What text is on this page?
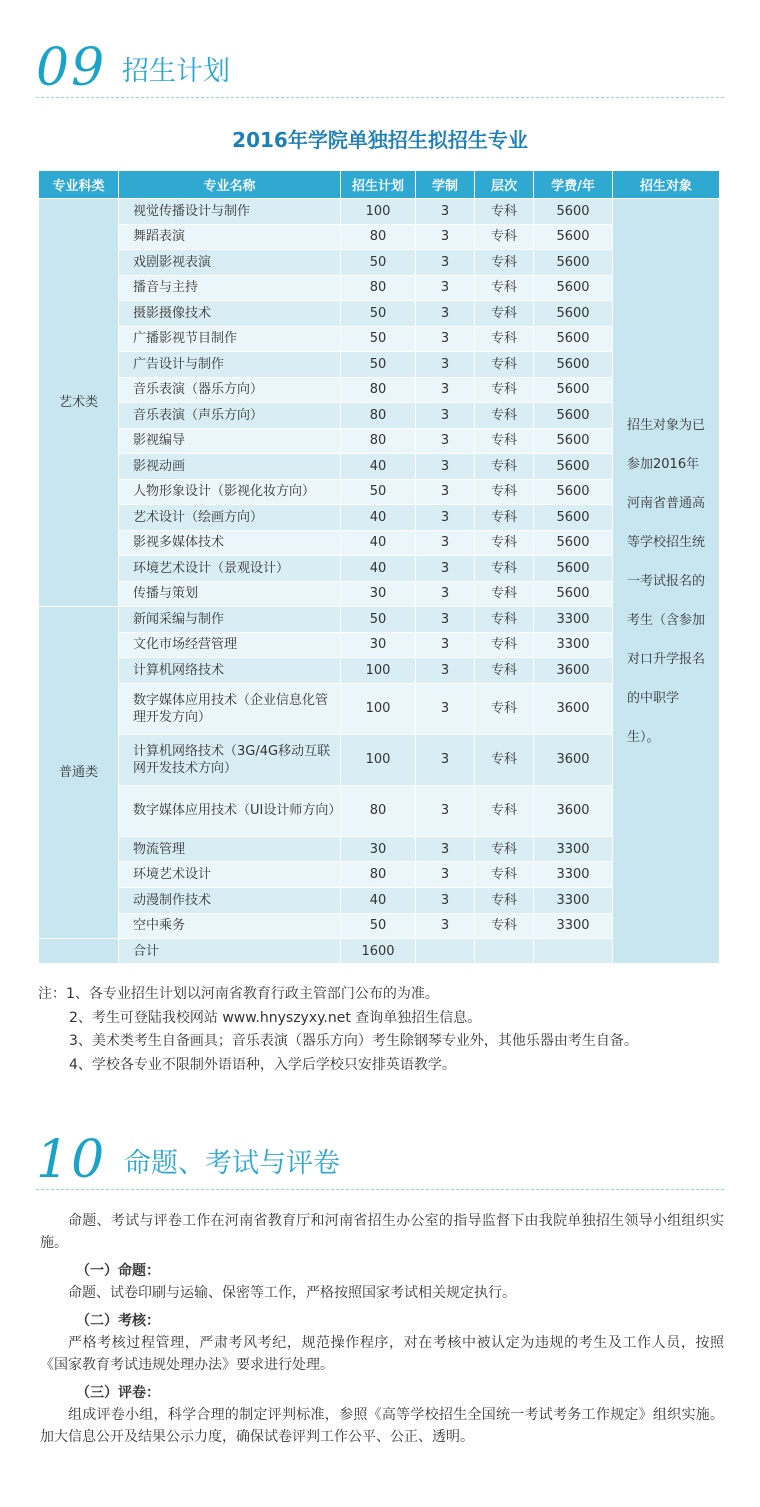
09 招生计划
2016年学院单独招生拟招生专业
专业科类	专业名称	招生计划	学制	层次	学费/年	招生对象
艺术类	视觉传播设计与制作	100	3	专科	5600	招生对象为已参加2016年河南省普通高等学校招生统一考试报名的考生（含参加对口升学报名的中职学生）。

	舞蹈表演	80	3	专科	5600	
	戏剧影视表演	50	3	专科	5600	
	播音与主持	80	3	专科	5600	
	摄影摄像技术	50	3	专科	5600	
	广播影视节目制作	50	3	专科	5600	
	广告设计与制作	50	3	专科	5600	
	音乐表演（器乐方向）	80	3	专科	5600	
	音乐表演（声乐方向）	80	3	专科	5600	
	影视编导	80	3	专科	5600	
	影视动画	40	3	专科	5600	
	人物形象设计（影视化妆方向）	50	3	专科	5600	
	艺术设计（绘画方向）	40	3	专科	5600	
	影视多媒体技术	40	3	专科	5600	
	环境艺术设计（景观设计）	40	3	专科	5600	
	传播与策划	30	3	专科	5600	
普通类	新闻采编与制作	50	3	专科	3300	
	文化市场经营管理	30	3	专科	3300	
	计算机网络技术	100	3	专科	3600	
	数字媒体应用技术（企业信息化管理开发方向）	100	3	专科	3600	
	计算机网络技术（3G/4G移动互联网开发技术方向）	100	3	专科	3600	
	数字媒体应用技术（UI设计师方向）	80	3	专科	3600	
	物流管理	30	3	专科	3300	
	环境艺术设计	80	3	专科	3300	
	动漫制作技术	40	3	专科	3300	
	空中乘务	50	3	专科	3300	
	合计	1600				
注：1、各专业招生计划以河南省教育行政主管部门公布的为准。
2、考生可登陆我校网站 www.hnyszyxy.net 查询单独招生信息。
3、美术类考生自备画具；音乐表演（器乐方向）考生除钢琴专业外，其他乐器由考生自备。
4、学校各专业不限制外语语种，入学后学校只安排英语教学。
10 命题、考试与评卷

命题、考试与评卷工作在河南省教育厅和河南省招生办公室的指导监督下由我院单独招生领导小组组织实施。

（一）命题：

命题、试卷印刷与运输、保密等工作，严格按照国家考试相关规定执行。

（二）考核：

严格考核过程管理，严肃考风考纪，规范操作程序，对在考核中被认定为违规的考生及工作人员，按照《国家教育考试违规处理办法》要求进行处理。

（三）评卷：

组成评卷小组，科学合理的制定评判标准，参照《高等学校招生全国统一考试考务工作规定》组织实施。加大信息公开及结果公示力度，确保试卷评判工作公平、公正、透明。
